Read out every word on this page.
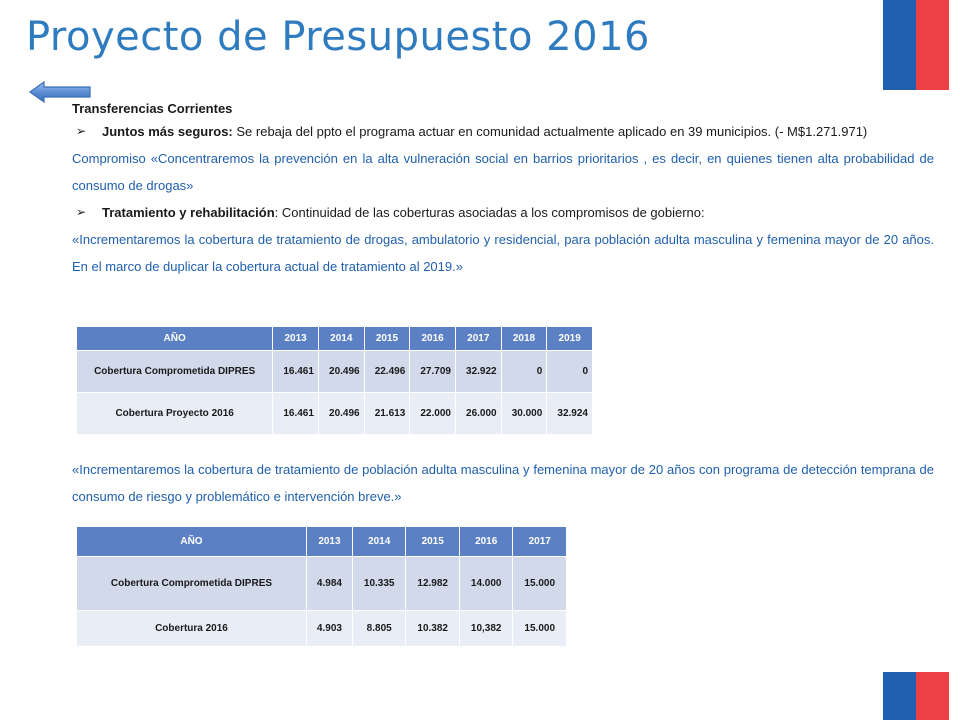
Proyecto de Presupuesto 2016

Transferencias Corrientes

➢ Juntos más seguros: Se rebaja del ppto el programa actuar en comunidad actualmente aplicado en 39 municipios. (- M$1.271.971)

Compromiso «Concentraremos la prevención en la alta vulneración social en barrios prioritarios , es decir, en quienes tienen alta probabilidad de consumo de drogas»

➢ Tratamiento y rehabilitación: Continuidad de las coberturas asociadas a los compromisos de gobierno:

«Incrementaremos la cobertura de tratamiento de drogas, ambulatorio y residencial, para población adulta masculina y femenina mayor de 20 años. En el marco de duplicar la cobertura actual de tratamiento al 2019.»

«Incrementaremos la cobertura de tratamiento de población adulta masculina y femenina mayor de 20 años con programa de detección temprana de consumo de riesgo y problemático e intervención breve.»

AÑO	2013	2014	2015	2016	2017	2018	2019
Cobertura Comprometida DIPRES	16.461	20.496	22.496	27.709	32.922	0	0
Cobertura Proyecto 2016	16.461	20.496	21.613	22.000	26.000	30.000	32.924
AÑO	2013	2014	2015	2016	2017
Cobertura Comprometida DIPRES	4.984	10.335	12.982	14.000	15.000
Cobertura 2016	4.903	8.805	10.382	10,382	15.000
